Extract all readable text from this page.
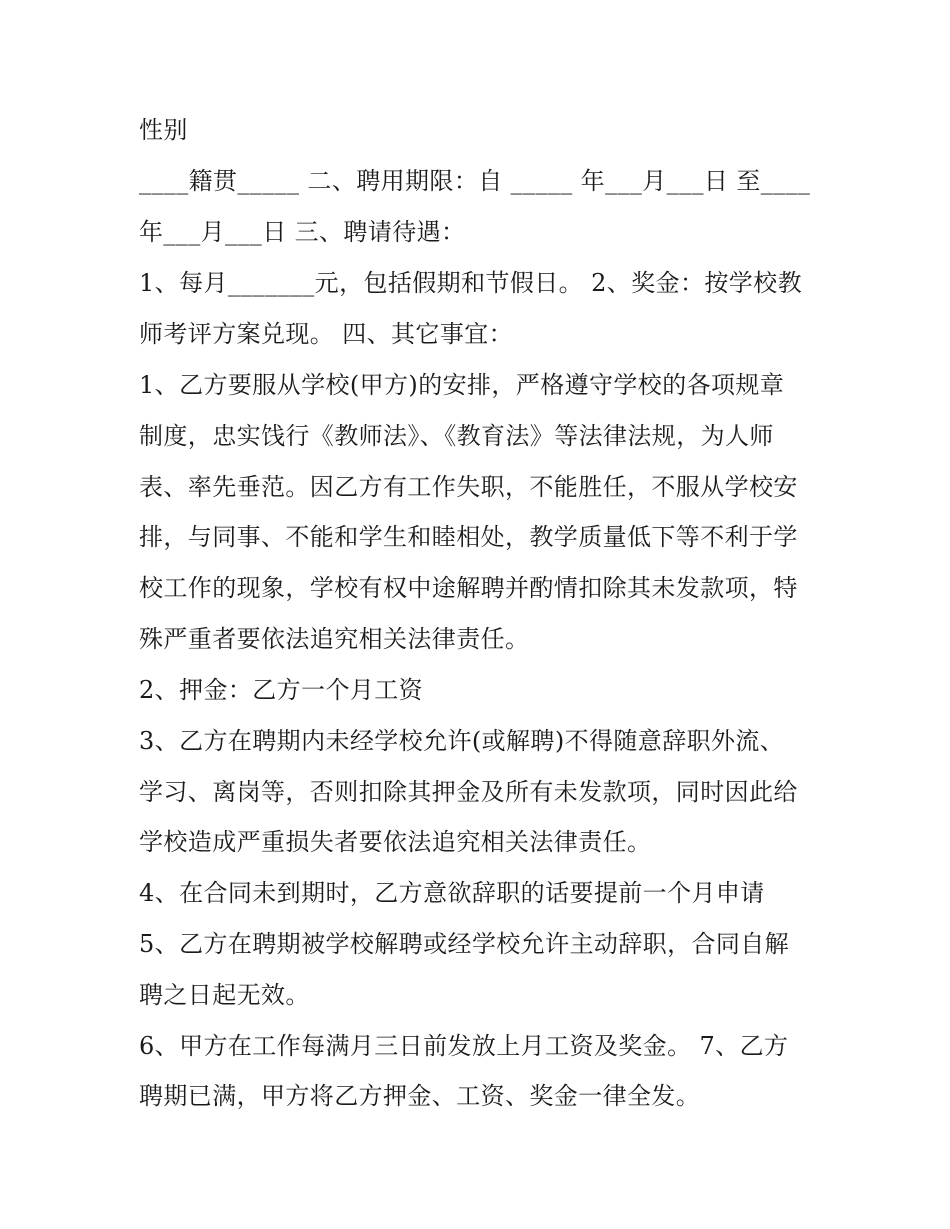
性别
____籍贯_____ 二、聘用期限：自 _____ 年___月___日 至____
年___月___日 三、聘请待遇：
1、每月_______元，包括假期和节假日。 2、奖金：按学校教
师考评方案兑现。 四、其它事宜：
1、乙方要服从学校(甲方)的安排，严格遵守学校的各项规章
制度，忠实饯行《教师法》、《教育法》等法律法规，为人师
表、率先垂范。因乙方有工作失职，不能胜任，不服从学校安
排，与同事、不能和学生和睦相处，教学质量低下等不利于学
校工作的现象，学校有权中途解聘并酌情扣除其未发款项，特
殊严重者要依法追究相关法律责任。
2、押金：乙方一个月工资
3、乙方在聘期内未经学校允许(或解聘)不得随意辞职外流、
学习、离岗等，否则扣除其押金及所有未发款项，同时因此给
学校造成严重损失者要依法追究相关法律责任。
4、在合同未到期时，乙方意欲辞职的话要提前一个月申请
5、乙方在聘期被学校解聘或经学校允许主动辞职，合同自解
聘之日起无效。
6、甲方在工作每满月三日前发放上月工资及奖金。 7、乙方
聘期已满，甲方将乙方押金、工资、奖金一律全发。
